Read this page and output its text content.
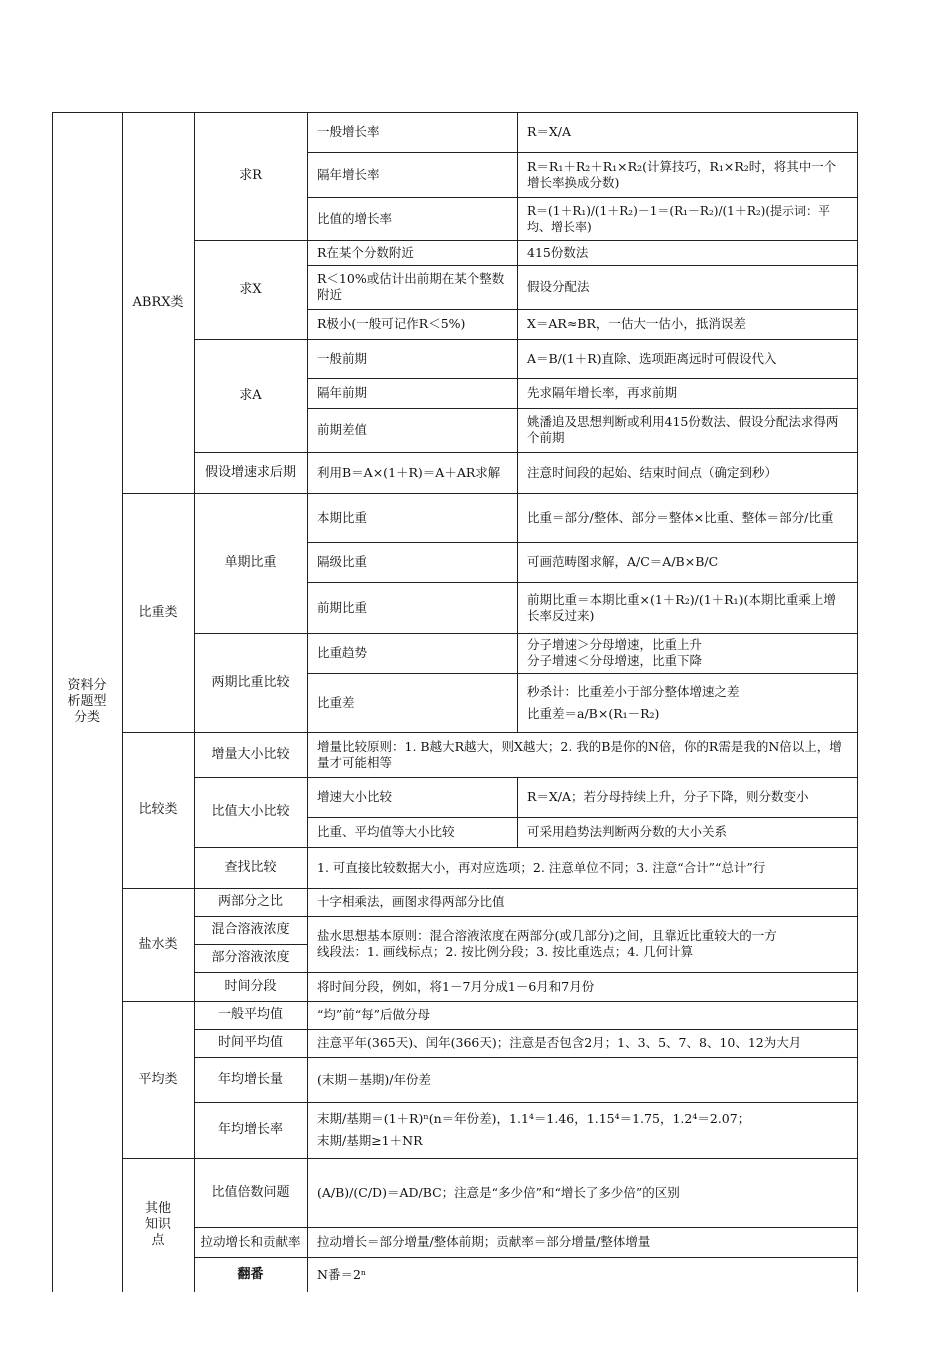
资料分析题型分类
ABRX类
比重类
比较类
盐水类
平均类
其他知识点
求R
求X
求A
假设增速求后期
单期比重
两期比重比较
增量大小比较
比值大小比较
查找比较
两部分之比
混合溶液浓度
部分溶液浓度
时间分段
一般平均值
时间平均值
年均增长量
年均增长率
比值倍数问题
拉动增长和贡献率
翻番
一般增长率
隔年增长率
比值的增长率
R在某个分数附近
R＜10%或估计出前期在某个整数附近
R极小(一般可记作R＜5%)
一般前期
隔年前期
前期差值
利用B＝A×(1＋R)＝A＋AR求解
本期比重
隔级比重
前期比重
比重趋势
比重差
增速大小比较
比重、平均值等大小比较
R＝X/A
R＝R₁＋R₂＋R₁×R₂(计算技巧，R₁×R₂时，将其中一个增长率换成分数)
R＝(1＋R₁)/(1＋R₂)－1＝(R₁－R₂)/(1＋R₂)(提示词：平均、增长率)
415份数法
假设分配法
X＝AR≈BR，一估大一估小，抵消误差
A＝B/(1＋R)直除、选项距离远时可假设代入
先求隔年增长率，再求前期
姚潘追及思想判断或利用415份数法、假设分配法求得两个前期
注意时间段的起始、结束时间点（确定到秒）
比重＝部分/整体、部分＝整体×比重、整体＝部分/比重
可画范畴图求解，A/C＝A/B×B/C
前期比重＝本期比重×(1＋R₂)/(1＋R₁)(本期比重乘上增长率反过来)
分子增速＞分母增速，比重上升
分子增速＜分母增速，比重下降
秒杀计：比重差小于部分整体增速之差
比重差＝a/B×(R₁－R₂)
增量比较原则：1. B越大R越大，则X越大；2. 我的B是你的N倍，你的R需是我的N倍以上，增量才可能相等
R＝X/A；若分母持续上升，分子下降，则分数变小
可采用趋势法判断两分数的大小关系
1. 可直接比较数据大小，再对应选项；2. 注意单位不同；3. 注意“合计”“总计”行
十字相乘法，画图求得两部分比值
盐水思想基本原则：混合溶液浓度在两部分(或几部分)之间，且靠近比重较大的一方
线段法：1. 画线标点；2. 按比例分段；3. 按比重选点；4. 几何计算
将时间分段，例如，将1－7月分成1－6月和7月份
“均”前“每”后做分母
注意平年(365天)、闰年(366天)；注意是否包含2月；1、3、5、7、8、10、12为大月
(末期－基期)/年份差
末期/基期＝(1＋R)ⁿ(n＝年份差)，1.1⁴＝1.46，1.15⁴＝1.75，1.2⁴＝2.07；
末期/基期≥1＋NR
(A/B)/(C/D)＝AD/BC；注意是“多少倍”和“增长了多少倍”的区别
拉动增长＝部分增量/整体前期；贡献率＝部分增量/整体增量
N番＝2ⁿ
